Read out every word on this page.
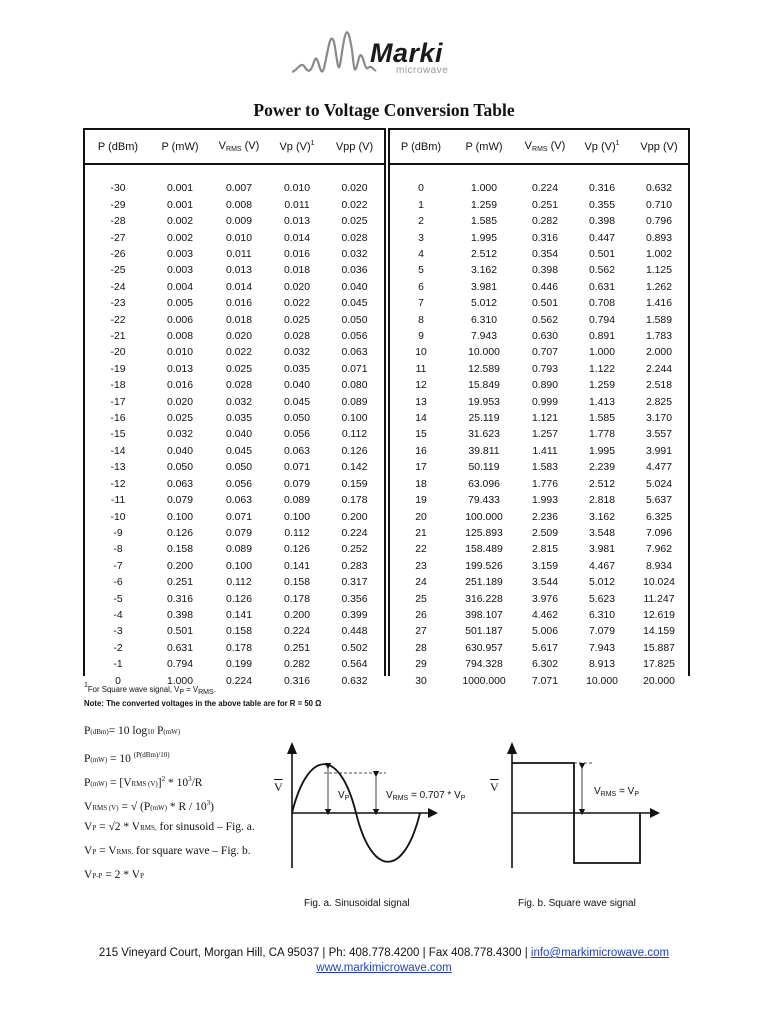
Marki
microwave
Power to Voltage Conversion Table
P (dBm)	P (mW)	$V_{RMS}$ (V)	Vp $(V)^1$	Vpp (V)

-30	0.001	0.007	0.010	0.020
-29	0.001	0.008	0.011	0.022
-28	0.002	0.009	0.013	0.025
-27	0.002	0.010	0.014	0.028
-26	0.003	0.011	0.016	0.032
-25	0.003	0.013	0.018	0.036
-24	0.004	0.014	0.020	0.040
-23	0.005	0.016	0.022	0.045
-22	0.006	0.018	0.025	0.050
-21	0.008	0.020	0.028	0.056
-20	0.010	0.022	0.032	0.063
-19	0.013	0.025	0.035	0.071
-18	0.016	0.028	0.040	0.080
-17	0.020	0.032	0.045	0.089
-16	0.025	0.035	0.050	0.100
-15	0.032	0.040	0.056	0.112
-14	0.040	0.045	0.063	0.126
-13	0.050	0.050	0.071	0.142
-12	0.063	0.056	0.079	0.159
-11	0.079	0.063	0.089	0.178
-10	0.100	0.071	0.100	0.200
-9	0.126	0.079	0.112	0.224
-8	0.158	0.089	0.126	0.252
-7	0.200	0.100	0.141	0.283
-6	0.251	0.112	0.158	0.317
-5	0.316	0.126	0.178	0.356
-4	0.398	0.141	0.200	0.399
-3	0.501	0.158	0.224	0.448
-2	0.631	0.178	0.251	0.502
-1	0.794	0.199	0.282	0.564
0	1.000	0.224	0.316	0.632
P (dBm)	P (mW)	$V_{RMS}$ (V)	Vp $(V)^1$	Vpp (V)

0	1.000	0.224	0.316	0.632
1	1.259	0.251	0.355	0.710
2	1.585	0.282	0.398	0.796
3	1.995	0.316	0.447	0.893
4	2.512	0.354	0.501	1.002
5	3.162	0.398	0.562	1.125
6	3.981	0.446	0.631	1.262
7	5.012	0.501	0.708	1.416
8	6.310	0.562	0.794	1.589
9	7.943	0.630	0.891	1.783
10	10.000	0.707	1.000	2.000
11	12.589	0.793	1.122	2.244
12	15.849	0.890	1.259	2.518
13	19.953	0.999	1.413	2.825
14	25.119	1.121	1.585	3.170
15	31.623	1.257	1.778	3.557
16	39.811	1.411	1.995	3.991
17	50.119	1.583	2.239	4.477
18	63.096	1.776	2.512	5.024
19	79.433	1.993	2.818	5.637
20	100.000	2.236	3.162	6.325
21	125.893	2.509	3.548	7.096
22	158.489	2.815	3.981	7.962
23	199.526	3.159	4.467	8.934
24	251.189	3.544	5.012	10.024
25	316.228	3.976	5.623	11.247
26	398.107	4.462	6.310	12.619
27	501.187	5.006	7.079	14.159
28	630.957	5.617	7.943	15.887
29	794.328	6.302	8.913	17.825
30	1000.000	7.071	10.000	20.000
1For Square wave signal, VP = VRMS.
Note: The converted voltages in the above table are for R = 50 Ω
P(dBm)= 10 log10 P(mW)
P(mW) = 10 $^{(P(dBm)/10)}$
P(mW) = [VRMS $(V)]^2 * 10^3/R$
VRMS (V) = √ (P(mW) * R / $10^3$)
VP = √2 * VRMS, for sinusoid – Fig. a.
VP = VRMS, for square wave – Fig. b.
VP-P = 2 * VP
$\overline{V}$
$V_P$	$V_{RMS} = 0.707 * V_P$
$\overline{V}$	$V_{RMS} = V_P$
Fig. a. Sinusoidal signal	Fig. b. Square wave signal
215 Vineyard Court, Morgan Hill, CA 95037 | Ph: 408.778.4200 | Fax 408.778.4300 | info@markimicrowave.com
www.markimicrowave.com
